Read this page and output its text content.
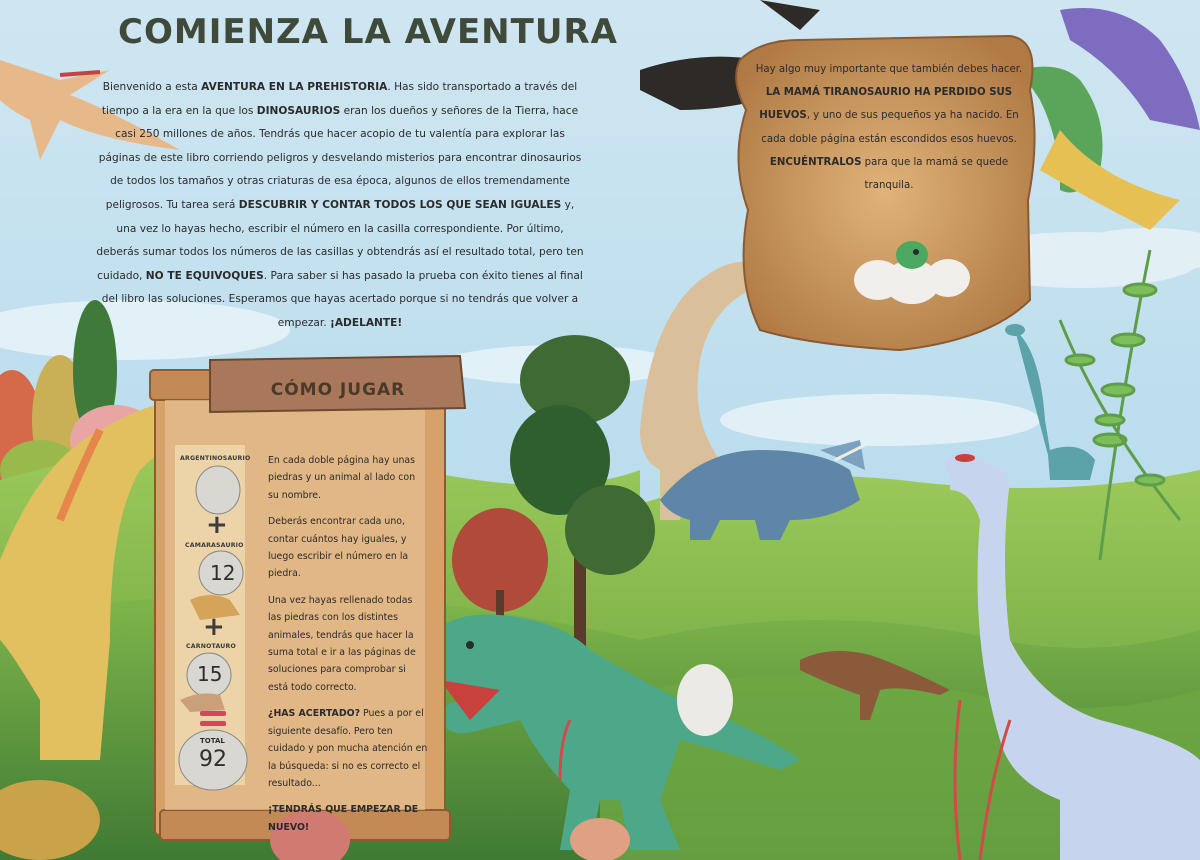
COMIENZA LA AVENTURA
Bienvenido a esta AVENTURA EN LA PREHISTORIA. Has sido transportado a través del tiempo a la era en la que los DINOSAURIOS eran los dueños y señores de la Tierra, hace casi 250 millones de años. Tendrás que hacer acopio de tu valentía para explorar las páginas de este libro corriendo peligros y desvelando misterios para encontrar dinosaurios de todos los tamaños y otras criaturas de esa época, algunos de ellos tremendamente peligrosos. Tu tarea será DESCUBRIR Y CONTAR TODOS LOS QUE SEAN IGUALES y, una vez lo hayas hecho, escribir el número en la casilla correspondiente. Por último, deberás sumar todos los números de las casillas y obtendrás así el resultado total, pero ten cuidado, NO TE EQUIVOQUES. Para saber si has pasado la prueba con éxito tienes al final del libro las soluciones. Esperamos que hayas acertado porque si no tendrás que volver a empezar. ¡ADELANTE!
CÓMO JUGAR

En cada doble página hay unas piedras y un animal al lado con su nombre.

Deberás encontrar cada uno, contar cuántos hay iguales, y luego escribir el número en la piedra.

Una vez hayas rellenado todas las piedras con los distintes animales, tendrás que hacer la suma total e ir a las páginas de soluciones para comprobar si está todo correcto.

¿HAS ACERTADO? Pues a por el siguiente desafío. Pero ten cuidado y pon mucha atención en la búsqueda: si no es correcto el resultado...

¡TENDRÁS QUE EMPEZAR DE NUEVO!

ARGENTINOSAURIO
+
CAMARASAURIO
12
+
CARNOTAURO
15
TOTAL
92
Hay algo muy importante que también debes hacer. LA MAMÁ TIRANOSAURIO HA PERDIDO SUS HUEVOS, y uno de sus pequeños ya ha nacido. En cada doble página están escondidos esos huevos. ENCUÉNTRALOS para que la mamá se quede tranquila.
